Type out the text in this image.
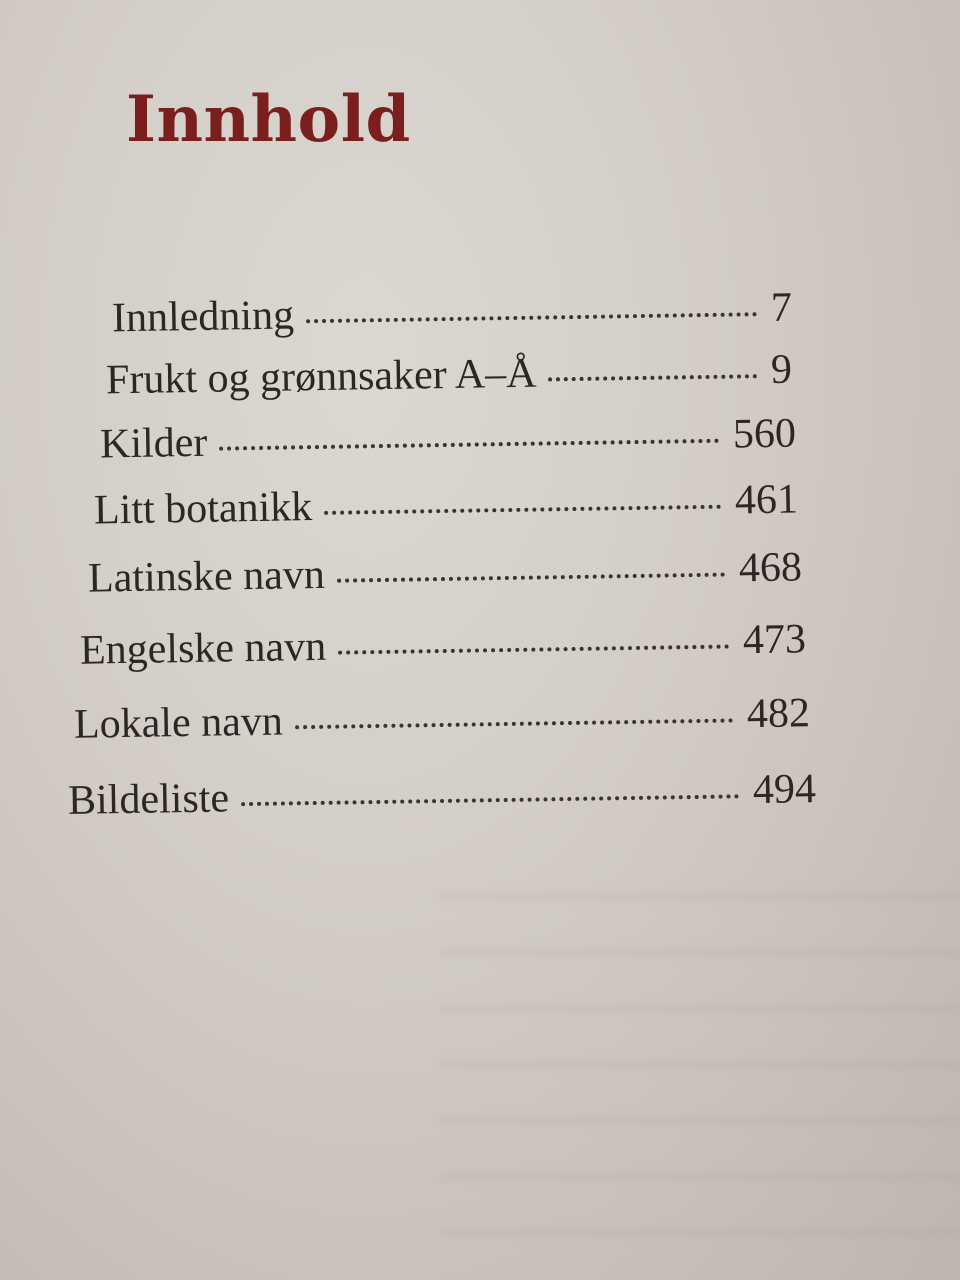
Innhold
Innledning	7
Frukt og grønnsaker A–Å	9
Kilder	560
Litt botanikk	461
Latinske navn	468
Engelske navn	473
Lokale navn	482
Bildeliste	494
